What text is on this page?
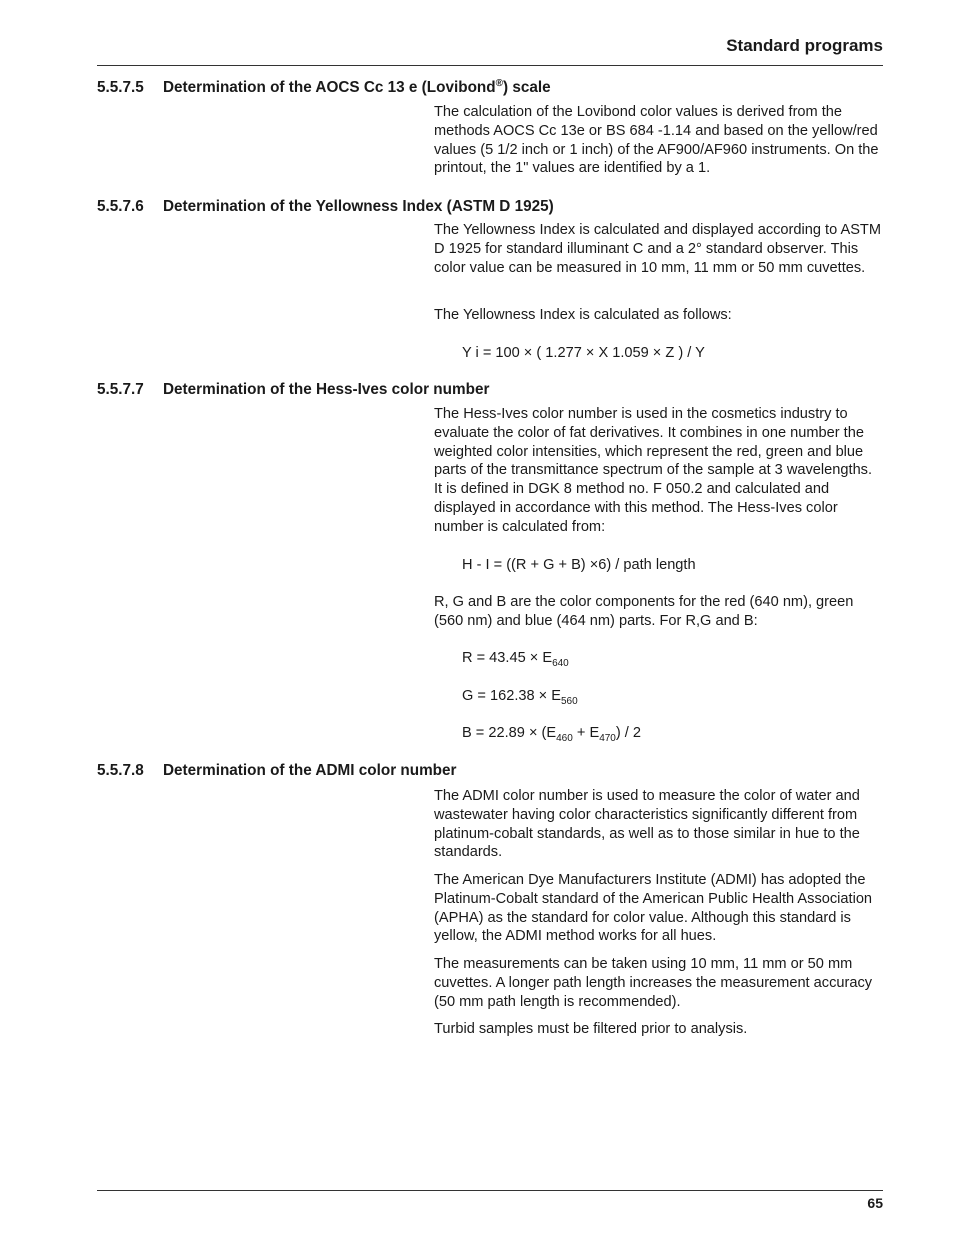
Standard programs
5.5.7.5 Determination of the AOCS Cc 13 e (Lovibond®) scale

The calculation of the Lovibond color values is derived from the methods AOCS Cc 13e or BS 684 -1.14 and based on the yellow/red values (5 1/2 inch or 1 inch) of the AF900/AF960 instruments. On the printout, the 1" values are identified by a 1.

5.5.7.6 Determination of the Yellowness Index (ASTM D 1925)

The Yellowness Index is calculated and displayed according to ASTM D 1925 for standard illuminant C and a 2° standard observer. This color value can be measured in 10 mm, 11 mm or 50 mm cuvettes.

The Yellowness Index is calculated as follows:

Y i = 100 × ( 1.277 × X 1.059 × Z ) / Y
5.5.7.7 Determination of the Hess-Ives color number

The Hess-Ives color number is used in the cosmetics industry to evaluate the color of fat derivatives. It combines in one number the weighted color intensities, which represent the red, green and blue parts of the transmittance spectrum of the sample at 3 wavelengths. It is defined in DGK 8 method no. F 050.2 and calculated and displayed in accordance with this method. The Hess-Ives color number is calculated from:

H - I = ((R + G + B) ×6) / path length

R, G and B are the color components for the red (640 nm), green (560 nm) and blue (464 nm) parts. For R,G and B:

$R = 43.45 \times E_{640}$
$G = 162.38 \times E_{560}$
$B = 22.89 \times (E_{460} + E_{470}) / 2$
5.5.7.8 Determination of the ADMI color number

The ADMI color number is used to measure the color of water and wastewater having color characteristics significantly different from platinum-cobalt standards, as well as to those similar in hue to the standards.

The American Dye Manufacturers Institute (ADMI) has adopted the Platinum-Cobalt standard of the American Public Health Association (APHA) as the standard for color value. Although this standard is yellow, the ADMI method works for all hues.

The measurements can be taken using 10 mm, 11 mm or 50 mm cuvettes. A longer path length increases the measurement accuracy (50 mm path length is recommended).

Turbid samples must be filtered prior to analysis.

65
